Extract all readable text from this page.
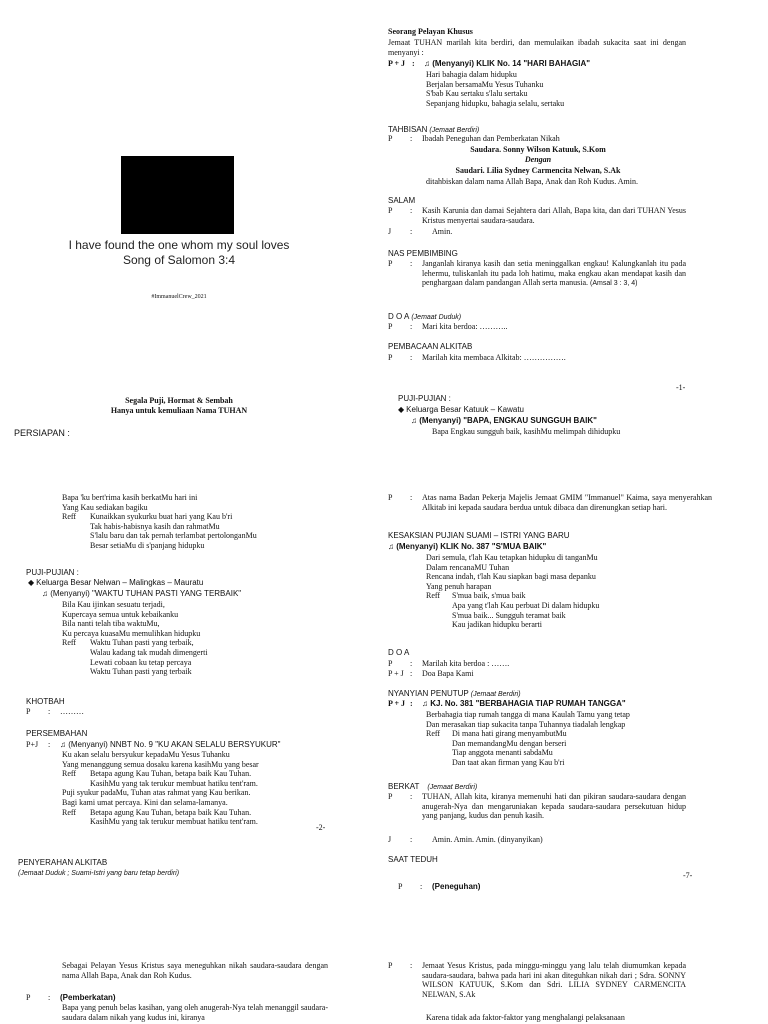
I have found the one whom my soul loves
Song of Salomon 3:4
#ImmanuelCrew_2021
Segala Puji, Hormat & Sembah
Hanya untuk kemuliaan Nama TUHAN
PERSIAPAN :
Bapa 'ku bert'rima kasih berkatMu hari ini
Yang Kau sediakan bagiku
Reff	Kunaikkan syukurku buat hari yang Kau b'ri
Tak habis-habisnya kasih dan rahmatMu
S'lalu baru dan tak pernah terlambat pertolonganMu
Besar setiaMu di s'panjang hidupku
PUJI-PUJIAN :
◆ Keluarga Besar Nelwan – Malingkas – Mauratu
♫ (Menyanyi) "WAKTU TUHAN PASTI YANG TERBAIK"
Bila Kau ijinkan sesuatu terjadi,
Kupercaya semua untuk kebaikanku
Bila nanti telah tiba waktuMu,
Ku percaya kuasaMu memulihkan hidupku
Reff	Waktu Tuhan pasti yang terbaik,
Walau kadang tak mudah dimengerti
Lewati cobaan ku tetap percaya
Waktu Tuhan pasti yang terbaik
KHOTBAH
P	:	………
PERSEMBAHAN
P+J	:	♫ (Menyanyi) NNBT No. 9 "KU AKAN SELALU BERSYUKUR"
Ku akan selalu bersyukur kepadaMu Yesus Tuhanku
Yang menanggung semua dosaku karena kasihMu yang besar
Reff	Betapa agung Kau Tuhan, betapa baik Kau Tuhan.
KasihMu yang tak terukur membuat hatiku tent'ram.
Puji syukur padaMu, Tuhan atas rahmat yang Kau berikan.
Bagi kami umat percaya. Kini dan selama-lamanya.
Reff	Betapa agung Kau Tuhan, betapa baik Kau Tuhan.
KasihMu yang tak terukur membuat hatiku tent'ram.
-2-
PENYERAHAN ALKITAB
(Jemaat Duduk ; Suami-Istri yang baru tetap berdiri)
Sebagai Pelayan Yesus Kristus saya meneguhkan nikah saudara-saudara dengan nama Allah Bapa, Anak dan Roh Kudus.
P	:	(Pemberkatan)
Bapa yang penuh belas kasihan, yang oleh anugerah-Nya telah menanggil saudara-saudara dalam nikah yang kudus ini, kiranya
Seorang Pelayan Khusus
Jemaat TUHAN marilah kita berdiri, dan memulaikan ibadah sukacita saat ini dengan menyanyi :
P + J :	♫ (Menyanyi) KLIK No. 14 "HARI BAHAGIA"
Hari bahagia dalam hidupku
Berjalan bersamaMu Yesus Tuhanku
S'bab Kau sertaku s'lalu sertaku
Sepanjang hidupku, bahagia selalu, sertaku
TAHBISAN (Jemaat Berdiri)
P	:	Ibadah Peneguhan dan Pemberkatan Nikah
Saudara. Sonny Wilson Katuuk, S.Kom
Dengan
Saudari. Lilia Sydney Carmencita Nelwan, S.Ak
ditahbiskan dalam nama Allah Bapa, Anak dan Roh Kudus. Amin.
SALAM
P	:	Kasih Karunia dan damai Sejahtera dari Allah, Bapa kita, dan dari TUHAN Yesus Kristus menyertai saudara-saudara.
J	:	Amin.
NAS PEMBIMBING
P	:	Janganlah kiranya kasih dan setia meninggalkan engkau! Kalungkanlah itu pada lehermu, tuliskanlah itu pada loh hatimu, maka engkau akan mendapat kasih dan penghargaan dalam pandangan Allah serta manusia. (Amsal 3 : 3, 4)
D O A (Jemaat Duduk)
P	:	Mari kita berdoa: ………..
PEMBACAAN ALKITAB
P	:	Marilah kita membaca Alkitab: …………….
-1-
PUJI-PUJIAN :
◆ Keluarga Besar Katuuk – Kawatu
♫ (Menyanyi) "BAPA, ENGKAU SUNGGUH BAIK"
Bapa Engkau sungguh baik, kasihMu melimpah dihidupku
P	:	Atas nama Badan Pekerja Majelis Jemaat GMIM "Immanuel" Kaima, saya menyerahkan Alkitab ini kepada saudara berdua untuk dibaca dan direnungkan setiap hari.
KESAKSIAN PUJIAN SUAMI – ISTRI YANG BARU
♫ (Menyanyi) KLIK No. 387 "S'MUA BAIK"
Dari semula, t'lah Kau tetapkan hidupku di tanganMu
Dalam rencanaMU Tuhan
Rencana indah, t'lah Kau siapkan bagi masa depanku
Yang penuh harapan
Reff	S'mua baik, s'mua baik
Apa yang t'lah Kau perbuat Di dalam hidupku
S'mua baik... Sungguh teramat baik
Kau jadikan hidupku berarti
D O A
P	:	Marilah kita berdoa : …….
P + J :	Doa Bapa Kami
NYANYIAN PENUTUP (Jemaat Berdiri)
P + J :	♫ KJ. No. 381 "BERBAHAGIA TIAP RUMAH TANGGA"
Berbahagia tiap rumah tangga di mana Kaulah Tamu yang tetap
Dan merasakan tiap sukacita tanpa Tuhannya tiadalah lengkap
Reff	Di mana hati girang menyambutMu
Dan memandangMu dengan berseri
Tiap anggota menanti sabdaMu
Dan taat akan firman yang Kau b'ri
BERKAT (Jemaat Berdiri)
P	:	TUHAN, Allah kita, kiranya memenuhi hati dan pikiran saudara-saudara dengan anugerah-Nya dan mengaruniakan kepada saudara-saudara persekutuan hidup yang panjang, kudus dan penuh kasih.
J	:	Amin. Amin. Amin. (dinyanyikan)
SAAT TEDUH
-7-
P	:	(Peneguhan)
P	:	Jemaat Yesus Kristus, pada minggu-minggu yang lalu telah diumumkan kepada saudara-saudara, bahwa pada hari ini akan diteguhkan nikah dari ; Sdra. SONNY WILSON KATUUK, S.Kom dan Sdri. LILIA SYDNEY CARMENCITA NELWAN, S.Ak
Karena tidak ada faktor-faktor yang menghalangi pelaksanaan
